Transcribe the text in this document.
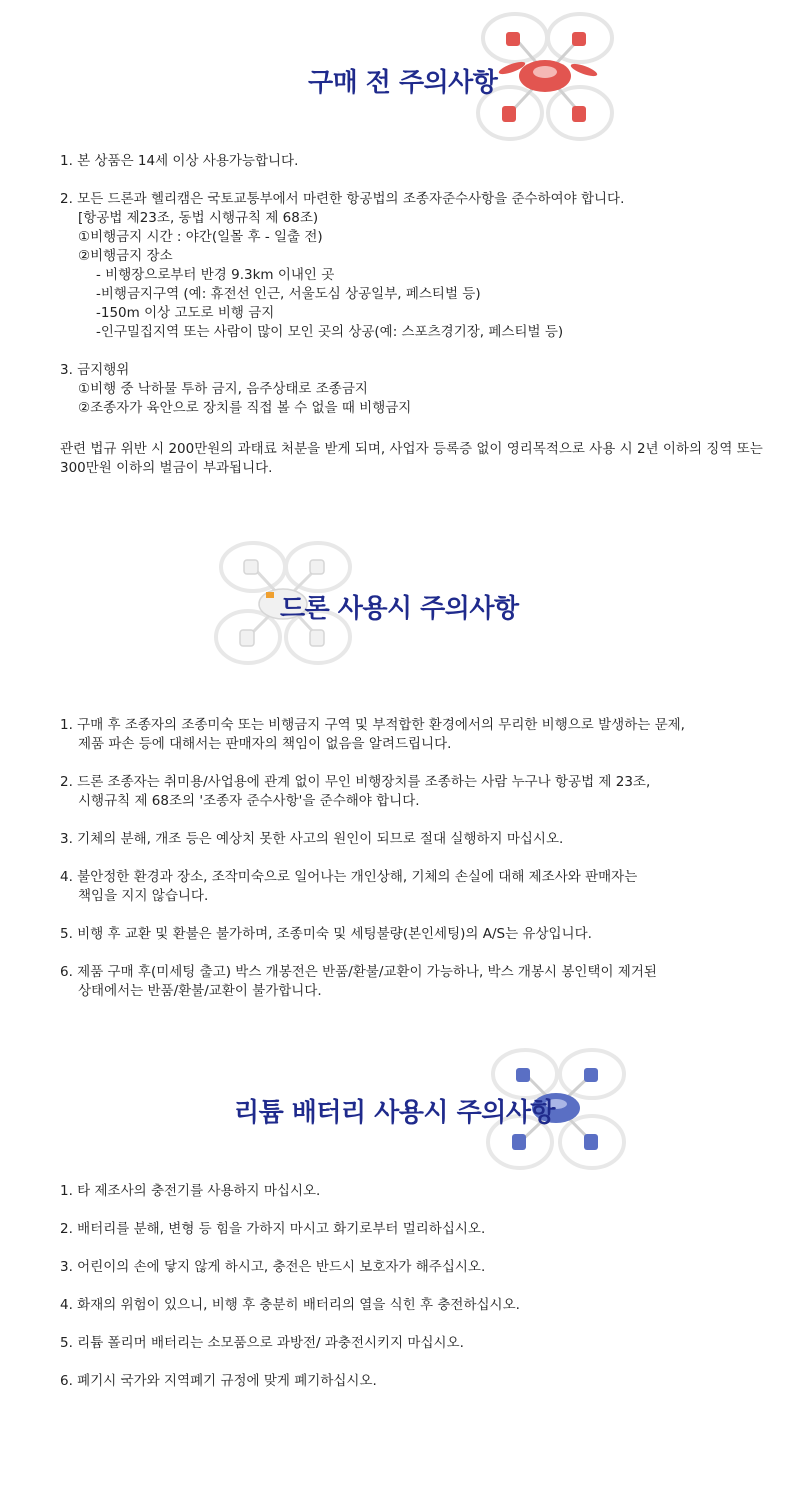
구매 전 주의사항
1. 본 상품은 14세 이상 사용가능합니다.
2. 모든 드론과 헬리캠은 국토교통부에서 마련한 항공법의 조종자준수사항을 준수하여야 합니다.
[항공법 제23조, 동법 시행규칙 제 68조)
①비행금지 시간 : 야간(일몰 후 - 일출 전)
②비행금지 장소
- 비행장으로부터 반경 9.3km 이내인 곳
-비행금지구역 (예: 휴전선 인근, 서울도심 상공일부, 페스티벌 등)
-150m 이상 고도로 비행 금지
-인구밀집지역 또는 사람이 많이 모인 곳의 상공(예: 스포츠경기장, 페스티벌 등)
3. 금지행위
①비행 중 낙하물 투하 금지, 음주상태로 조종금지
②조종자가 육안으로 장치를 직접 볼 수 없을 때 비행금지
관련 법규 위반 시 200만원의 과태료 처분을 받게 되며, 사업자 등록증 없이 영리목적으로 사용 시 2년 이하의 징역 또는 300만원 이하의 벌금이 부과됩니다.
드론 사용시 주의사항
1. 구매 후 조종자의 조종미숙 또는 비행금지 구역 및 부적합한 환경에서의 무리한 비행으로 발생하는 문제,
제품 파손 등에 대해서는 판매자의 책임이 없음을 알려드립니다.
2. 드론 조종자는 취미용/사업용에 관계 없이 무인 비행장치를 조종하는 사람 누구나 항공법 제 23조,
시행규칙 제 68조의 '조종자 준수사항'을 준수해야 합니다.
3. 기체의 분해, 개조 등은 예상치 못한 사고의 원인이 되므로 절대 실행하지 마십시오.
4. 불안정한 환경과 장소, 조작미숙으로 일어나는 개인상해, 기체의 손실에 대해 제조사와 판매자는
책임을 지지 않습니다.
5. 비행 후 교환 및 환불은 불가하며, 조종미숙 및 세팅불량(본인세팅)의 A/S는 유상입니다.
6. 제품 구매 후(미세팅 출고) 박스 개봉전은 반품/환불/교환이 가능하나, 박스 개봉시 봉인택이 제거된
상태에서는 반품/환불/교환이 불가합니다.
리튬 배터리 사용시 주의사항
1. 타 제조사의 충전기를 사용하지 마십시오.
2. 배터리를 분해, 변형 등 힘을 가하지 마시고 화기로부터 멀리하십시오.
3. 어린이의 손에 닿지 않게 하시고, 충전은 반드시 보호자가 해주십시오.
4. 화재의 위험이 있으니, 비행 후 충분히 배터리의 열을 식힌 후 충전하십시오.
5. 리튬 폴리머 배터리는 소모품으로 과방전/ 과충전시키지 마십시오.
6. 폐기시 국가와 지역폐기 규정에 맞게 폐기하십시오.
